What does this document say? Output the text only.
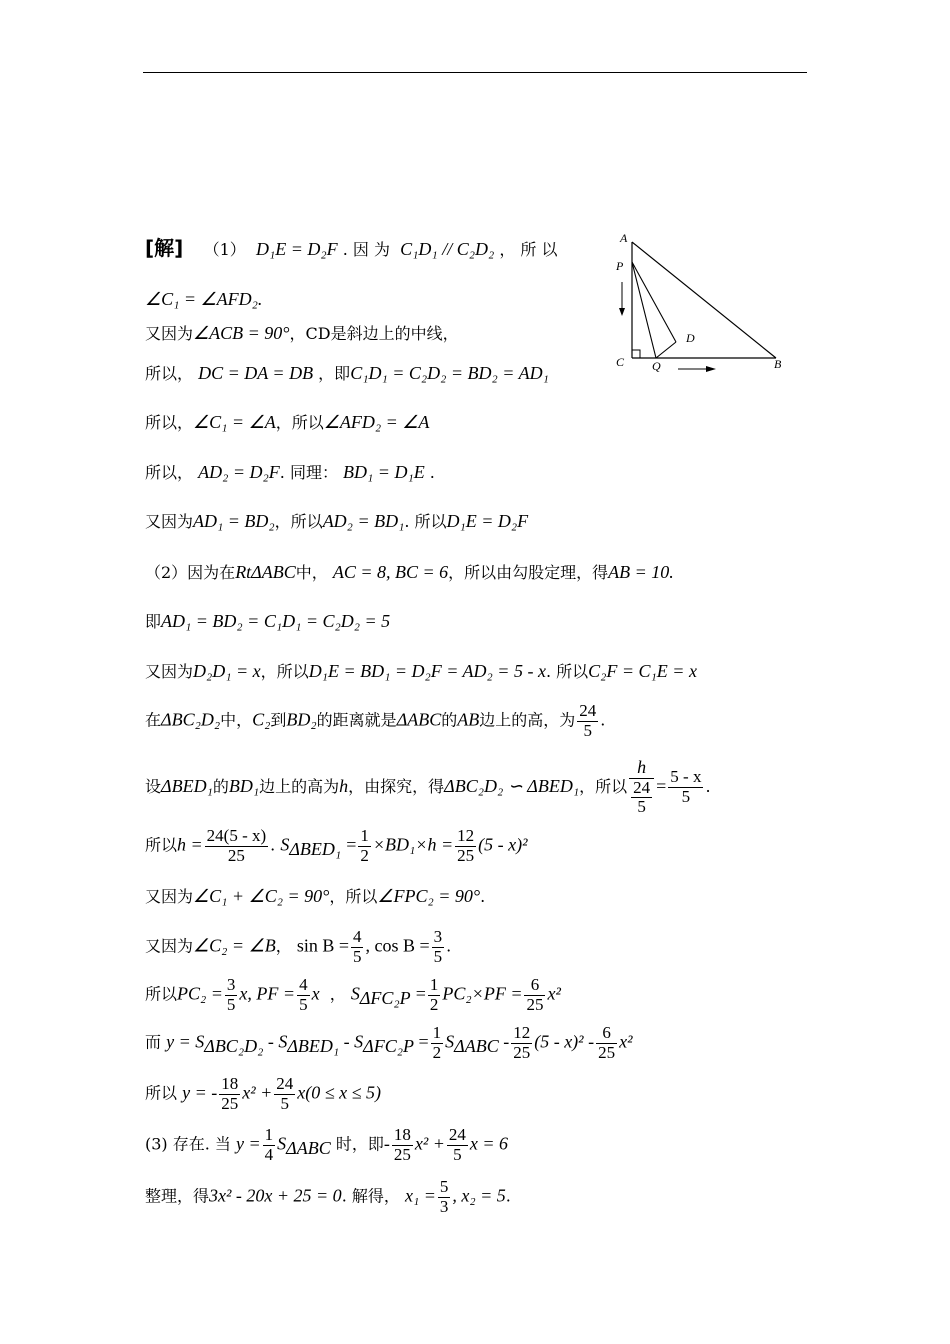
A
P
C Q
D
B
[解] （1） D₁E = D₂F . 因 为 C₁D₁ // C₂D₂ ， 所 以
∠C₁ = ∠AFD₂.
又因为∠ACB = 90°，CD是斜边上的中线，
所以， DC = DA = DB ，即C₁D₁ = C₂D₂ = BD₂ = AD₁
所以，∠C₁ = ∠A，所以∠AFD₂ = ∠A
所以， AD₂ = D₂F. 同理： BD₁ = D₁E .
又因为AD₁ = BD₂，所以AD₂ = BD₁. 所以D₁E = D₂F
（2）因为在RtΔABC中， AC = 8, BC = 6，所以由勾股定理，得AB = 10.
即AD₁ = BD₂ = C₁D₁ = C₂D₂ = 5
又因为D₂D₁ = x，所以D₁E = BD₁ = D₂F = AD₂ = 5 - x. 所以C₂F = C₁E = x
在ΔBC₂D₂中，C₂到BD₂的距离就是ΔABC的AB边上的高，为 $\frac{24}{5}$ .
设ΔBED₁的BD₁边上的高为h，由探究，得ΔBC₂D₂ ∽ ΔBED₁，所以 $\frac{h}{\frac{24}{5}} = \frac{5 - x}{5}$ .
所以$h = \frac{24(5 - x)}{25}$ . $S_{\Delta BED_1} = \frac{1}{2} \times BD_1\times h = \frac{12}{25} (5 - x)^2$
又因为∠C₁ + ∠C₂ = 90°，所以∠FPC₂ = 90°.
又因为∠C₂ = ∠B， $\sin B = \frac{4}{5}$ , $\cos B = \frac{3}{5}$ .
所以$PC_2 = \frac{3}{5} x$, PF = $\frac{4}{5}$ x ， $S_{\Delta FC_2P} = \frac{1}{2} PC_2\times PF = \frac{6}{25} x^2$
而 $y = S_{\Delta BC_2D_2} - S_{\Delta BED_1} - S_{\Delta FC_2P} = \frac{1}{2} S_{\Delta ABC} - \frac{12}{25} (5 - x)^2 - \frac{6}{25} x^2$
所以 y = - $\frac{18}{25} x^2 + \frac{24}{5} x(0 \le x \le 5)$
(3) 存在. 当 $y = \frac{1}{4} S_{\Delta ABC}$ 时，即- $\frac{18}{25} x^2 + \frac{24}{5}$ x = 6
整理，得3x² - 20x + 25 = 0. 解得， $x_1 = \frac{5}{3}$ , x₂ = 5.
